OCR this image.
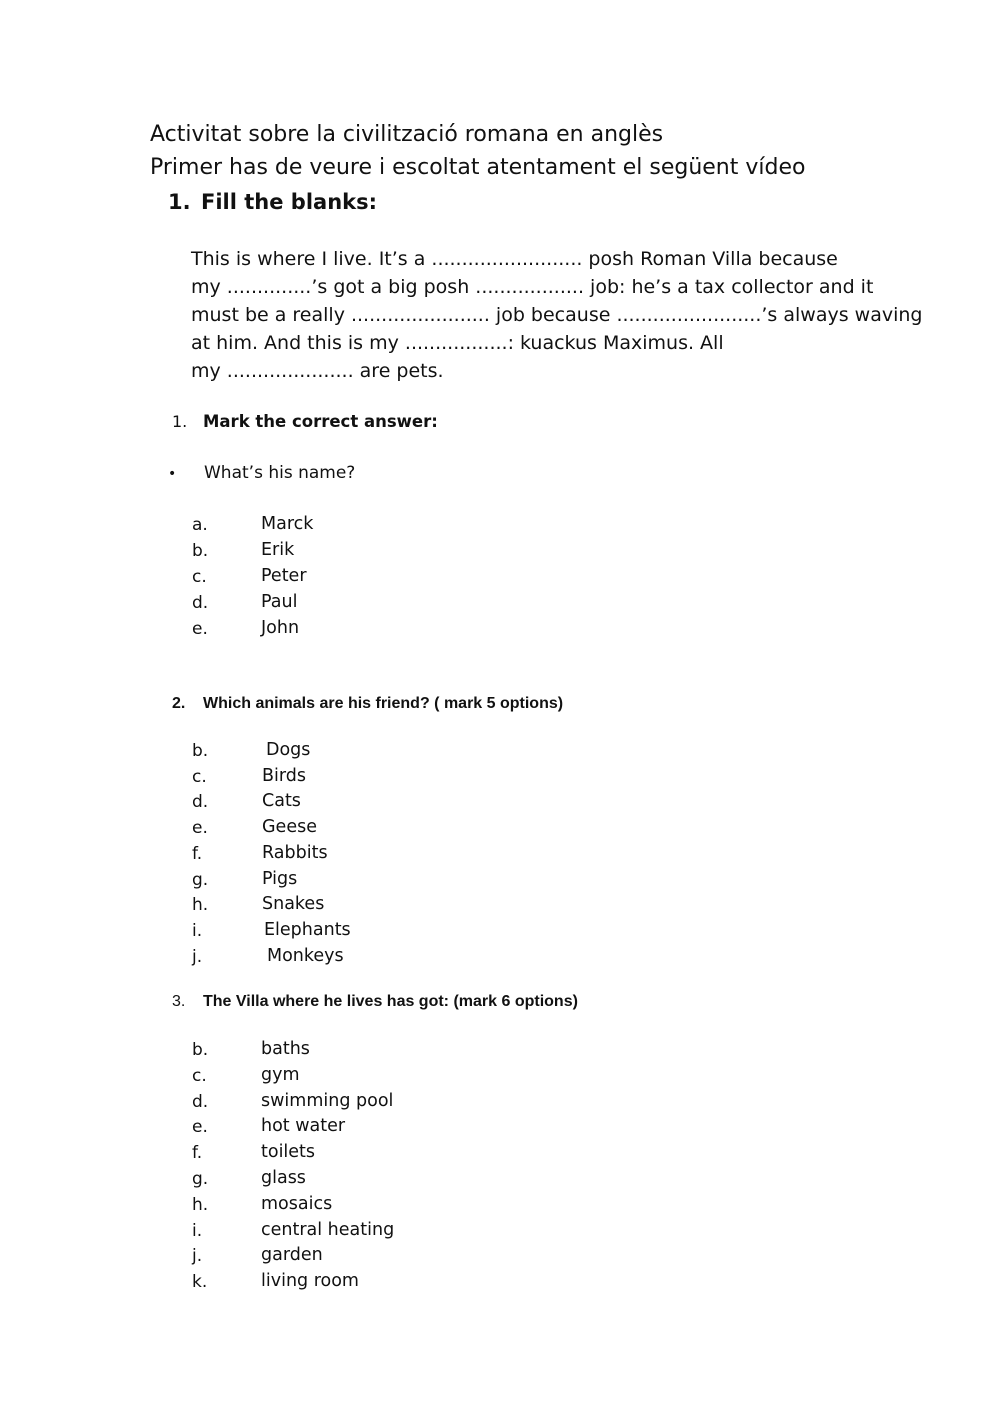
Activitat sobre la civilització romana en anglès
Primer has de veure i escoltat atentament el següent vídeo
1. Fill the blanks:
This is where I live. It’s a ......................... posh Roman Villa because
my ..............’s got a big posh .................. job: he’s a tax collector and it
must be a really ....................... job because ........................’s always waving
at him. And this is my .................: kuackus Maximus. All
my ..................... are pets.
1. Mark the correct answer:
• What’s his name?
a.	Marck
b.	Erik
c.	Peter
d.	Paul
e.	John
2. Which animals are his friend? ( mark 5 options)
b.	Dogs
c.	Birds
d.	Cats
e.	Geese
f.	Rabbits
g.	Pigs
h.	Snakes
i.	Elephants
j.	Monkeys
3. The Villa where he lives has got: (mark 6 options)
b.	baths
c.	gym
d.	swimming pool
e.	hot water
f.	toilets
g.	glass
h.	mosaics
i.	central heating
j.	garden
k.	living room
